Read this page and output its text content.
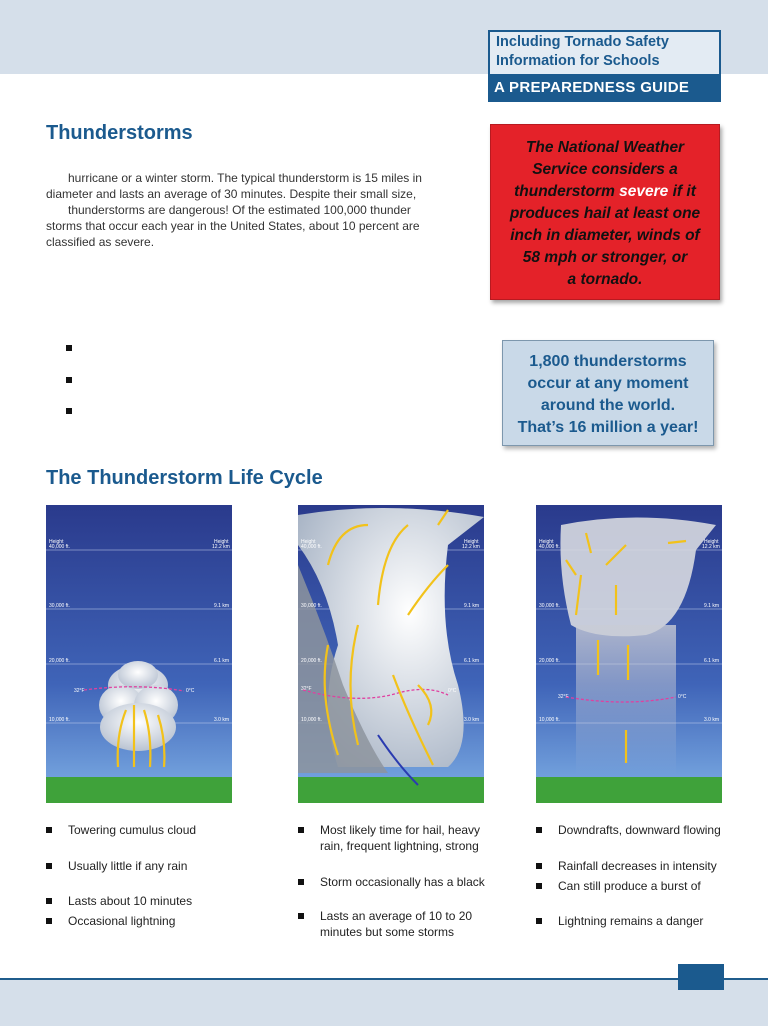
Including Tornado Safety Information for Schools
A PREPAREDNESS GUIDE
Thunderstorms
hurricane or a winter storm. The typical thunderstorm is 15 miles in
diameter and lasts an average of 30 minutes. Despite their small size,
thunderstorms are dangerous! Of the estimated 100,000 thunder
storms that occur each year in the United States, about 10 percent are
classified as severe.
The National Weather
Service considers a
thunderstorm severe if it
produces hail at least one
inch in diameter, winds of
58 mph or stronger, or
a tornado.
1,800 thunderstorms
occur at any moment
around the world.
That’s 16 million a year!
The Thunderstorm Life Cycle
Height
40,000 ft.
30,000 ft.
20,000 ft.
10,000 ft.
Height
12.2 km
9.1 km
6.1 km
3.0 km
32°F	0°C
Height
40,000 ft.
30,000 ft.
20,000 ft.
10,000 ft.
Height
12.2 km
9.1 km
6.1 km
3.0 km
32°F	0°C
Height
40,000 ft.
30,000 ft.
20,000 ft.
10,000 ft.
Height
12.2 km
9.1 km
6.1 km
3.0 km
32°F	0°C
Towering cumulus cloud
Usually little if any rain
Lasts about 10 minutes
Occasional lightning
Most likely time for hail, heavy rain, frequent lightning, strong
Storm occasionally has a black
Lasts an average of 10 to 20 minutes but some storms
Downdrafts, downward flowing
Rainfall decreases in intensity
Can still produce a burst of
Lightning remains a danger
